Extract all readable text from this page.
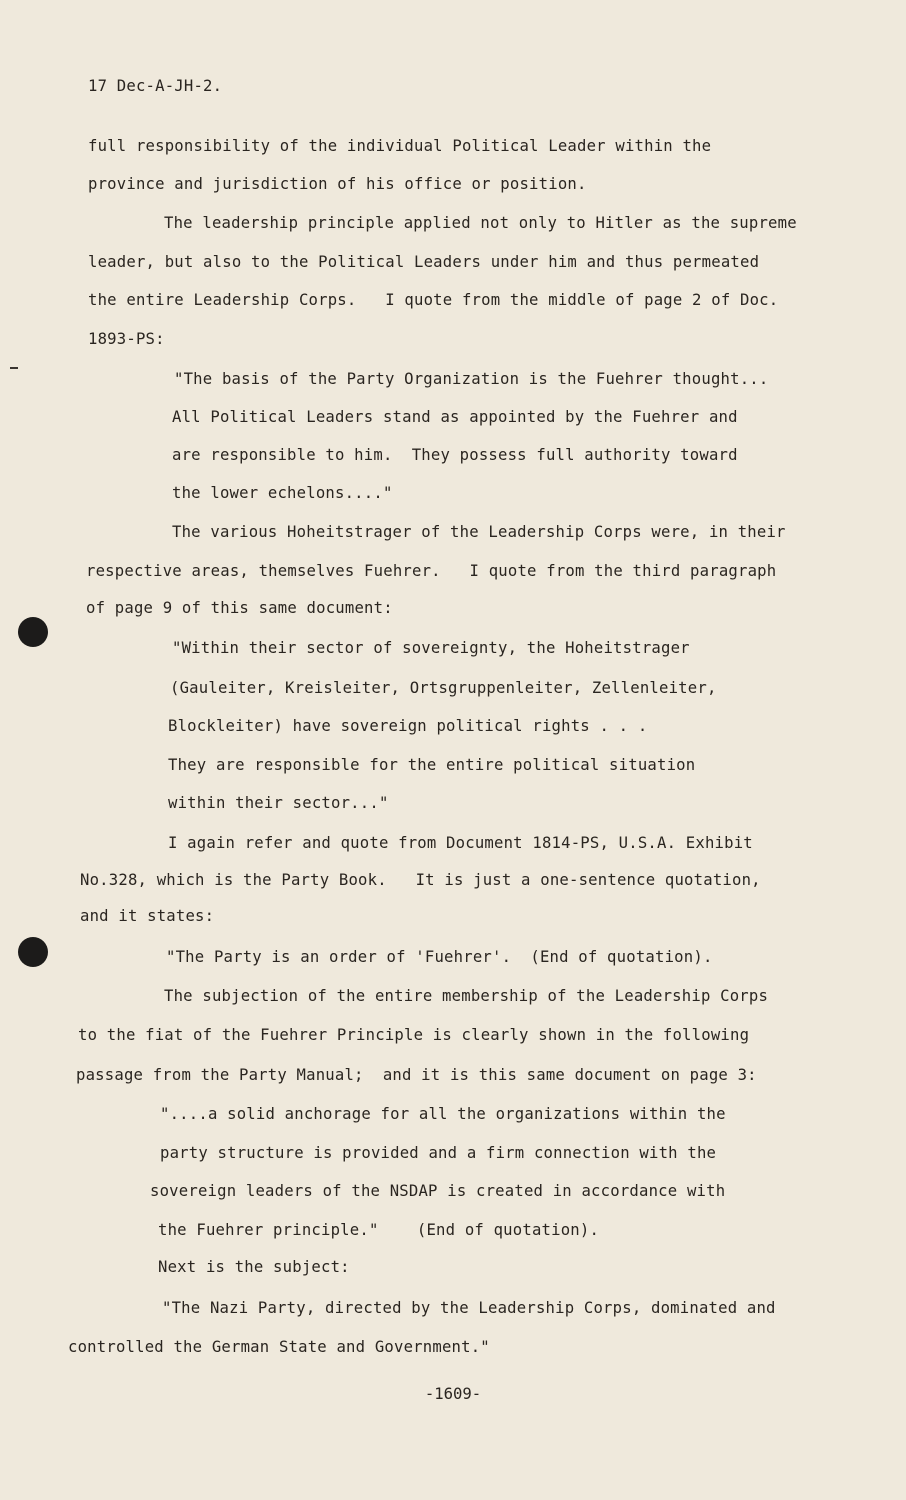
17 Dec-A-JH-2.
full responsibility of the individual Political Leader within the
province and jurisdiction of his office or position.
The leadership principle applied not only to Hitler as the supreme
leader, but also to the Political Leaders under him and thus permeated
the entire Leadership Corps.   I quote from the middle of page 2 of Doc.
1893-PS:
"The basis of the Party Organization is the Fuehrer thought...
All Political Leaders stand as appointed by the Fuehrer and
are responsible to him.  They possess full authority toward
the lower echelons...."
The various Hoheitstrager of the Leadership Corps were, in their
respective areas, themselves Fuehrer.   I quote from the third paragraph
of page 9 of this same document:
"Within their sector of sovereignty, the Hoheitstrager
(Gauleiter, Kreisleiter, Ortsgruppenleiter, Zellenleiter,
Blockleiter) have sovereign political rights . . .
They are responsible for the entire political situation
within their sector..."
I again refer and quote from Document 1814-PS, U.S.A. Exhibit
No.328, which is the Party Book.   It is just a one-sentence quotation,
and it states:
"The Party is an order of 'Fuehrer'.  (End of quotation).
The subjection of the entire membership of the Leadership Corps
to the fiat of the Fuehrer Principle is clearly shown in the following
passage from the Party Manual;  and it is this same document on page 3:
"....a solid anchorage for all the organizations within the
party structure is provided and a firm connection with the
sovereign leaders of the NSDAP is created in accordance with
the Fuehrer principle."    (End of quotation).
Next is the subject:
"The Nazi Party, directed by the Leadership Corps, dominated and
controlled the German State and Government."
-1609-
